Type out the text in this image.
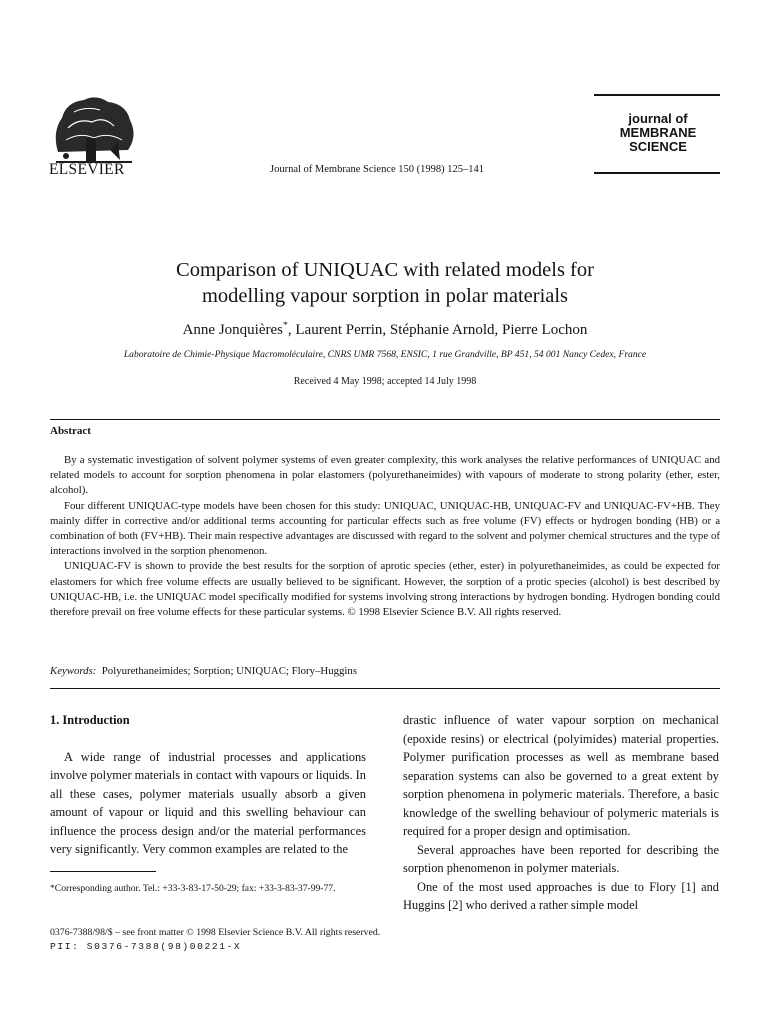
ELSEVIER	Journal of Membrane Science 150 (1998) 125–141
journal of
MEMBRANE
SCIENCE
Comparison of UNIQUAC with related models for
modelling vapour sorption in polar materials
Anne Jonquières*, Laurent Perrin, Stéphanie Arnold, Pierre Lochon
Laboratoire de Chimie-Physique Macromoléculaire, CNRS UMR 7568, ENSIC, 1 rue Grandville, BP 451, 54 001 Nancy Cedex, France
Received 4 May 1998; accepted 14 July 1998
Abstract

By a systematic investigation of solvent polymer systems of even greater complexity, this work analyses the relative performances of UNIQUAC and related models to account for sorption phenomena in polar elastomers (polyurethaneimides) with vapours of moderate to strong polarity (ether, ester, alcohol).

Four different UNIQUAC-type models have been chosen for this study: UNIQUAC, UNIQUAC-HB, UNIQUAC-FV and UNIQUAC-FV+HB. They mainly differ in corrective and/or additional terms accounting for particular effects such as free volume (FV) effects or hydrogen bonding (HB) or a combination of both (FV+HB). Their main respective advantages are discussed with regard to the solvent and polymer chemical structures and the type of interactions involved in the sorption phenomenon.

UNIQUAC-FV is shown to provide the best results for the sorption of aprotic species (ether, ester) in polyurethaneimides, as could be expected for elastomers for which free volume effects are usually believed to be significant. However, the sorption of a protic species (alcohol) is best described by UNIQUAC-HB, i.e. the UNIQUAC model specifically modified for systems involving strong interactions by hydrogen bonding. Hydrogen bonding could therefore prevail on free volume effects for these particular systems. © 1998 Elsevier Science B.V. All rights reserved.

Keywords: Polyurethaneimides; Sorption; UNIQUAC; Flory–Huggins

1. Introduction

A wide range of industrial processes and applications involve polymer materials in contact with vapours or liquids. In all these cases, polymer materials usually absorb a given amount of vapour or liquid and this swelling behaviour can influence the process design and/or the material performances very significantly. Very common examples are related to the

drastic influence of water vapour sorption on mechanical (epoxide resins) or electrical (polyimides) material properties. Polymer purification processes as well as membrane based separation systems can also be governed to a great extent by sorption phenomena in polymeric materials. Therefore, a basic knowledge of the swelling behaviour of polymeric materials is required for a proper design and optimisation.

Several approaches have been reported for describing the sorption phenomenon in polymer materials.

One of the most used approaches is due to Flory [1] and Huggins [2] who derived a rather simple model

*Corresponding author. Tel.: +33-3-83-17-50-29; fax: +33-3-83-37-99-77.
0376-7388/98/$ – see front matter © 1998 Elsevier Science B.V. All rights reserved.
PII: S0376-7388(98)00221-X
